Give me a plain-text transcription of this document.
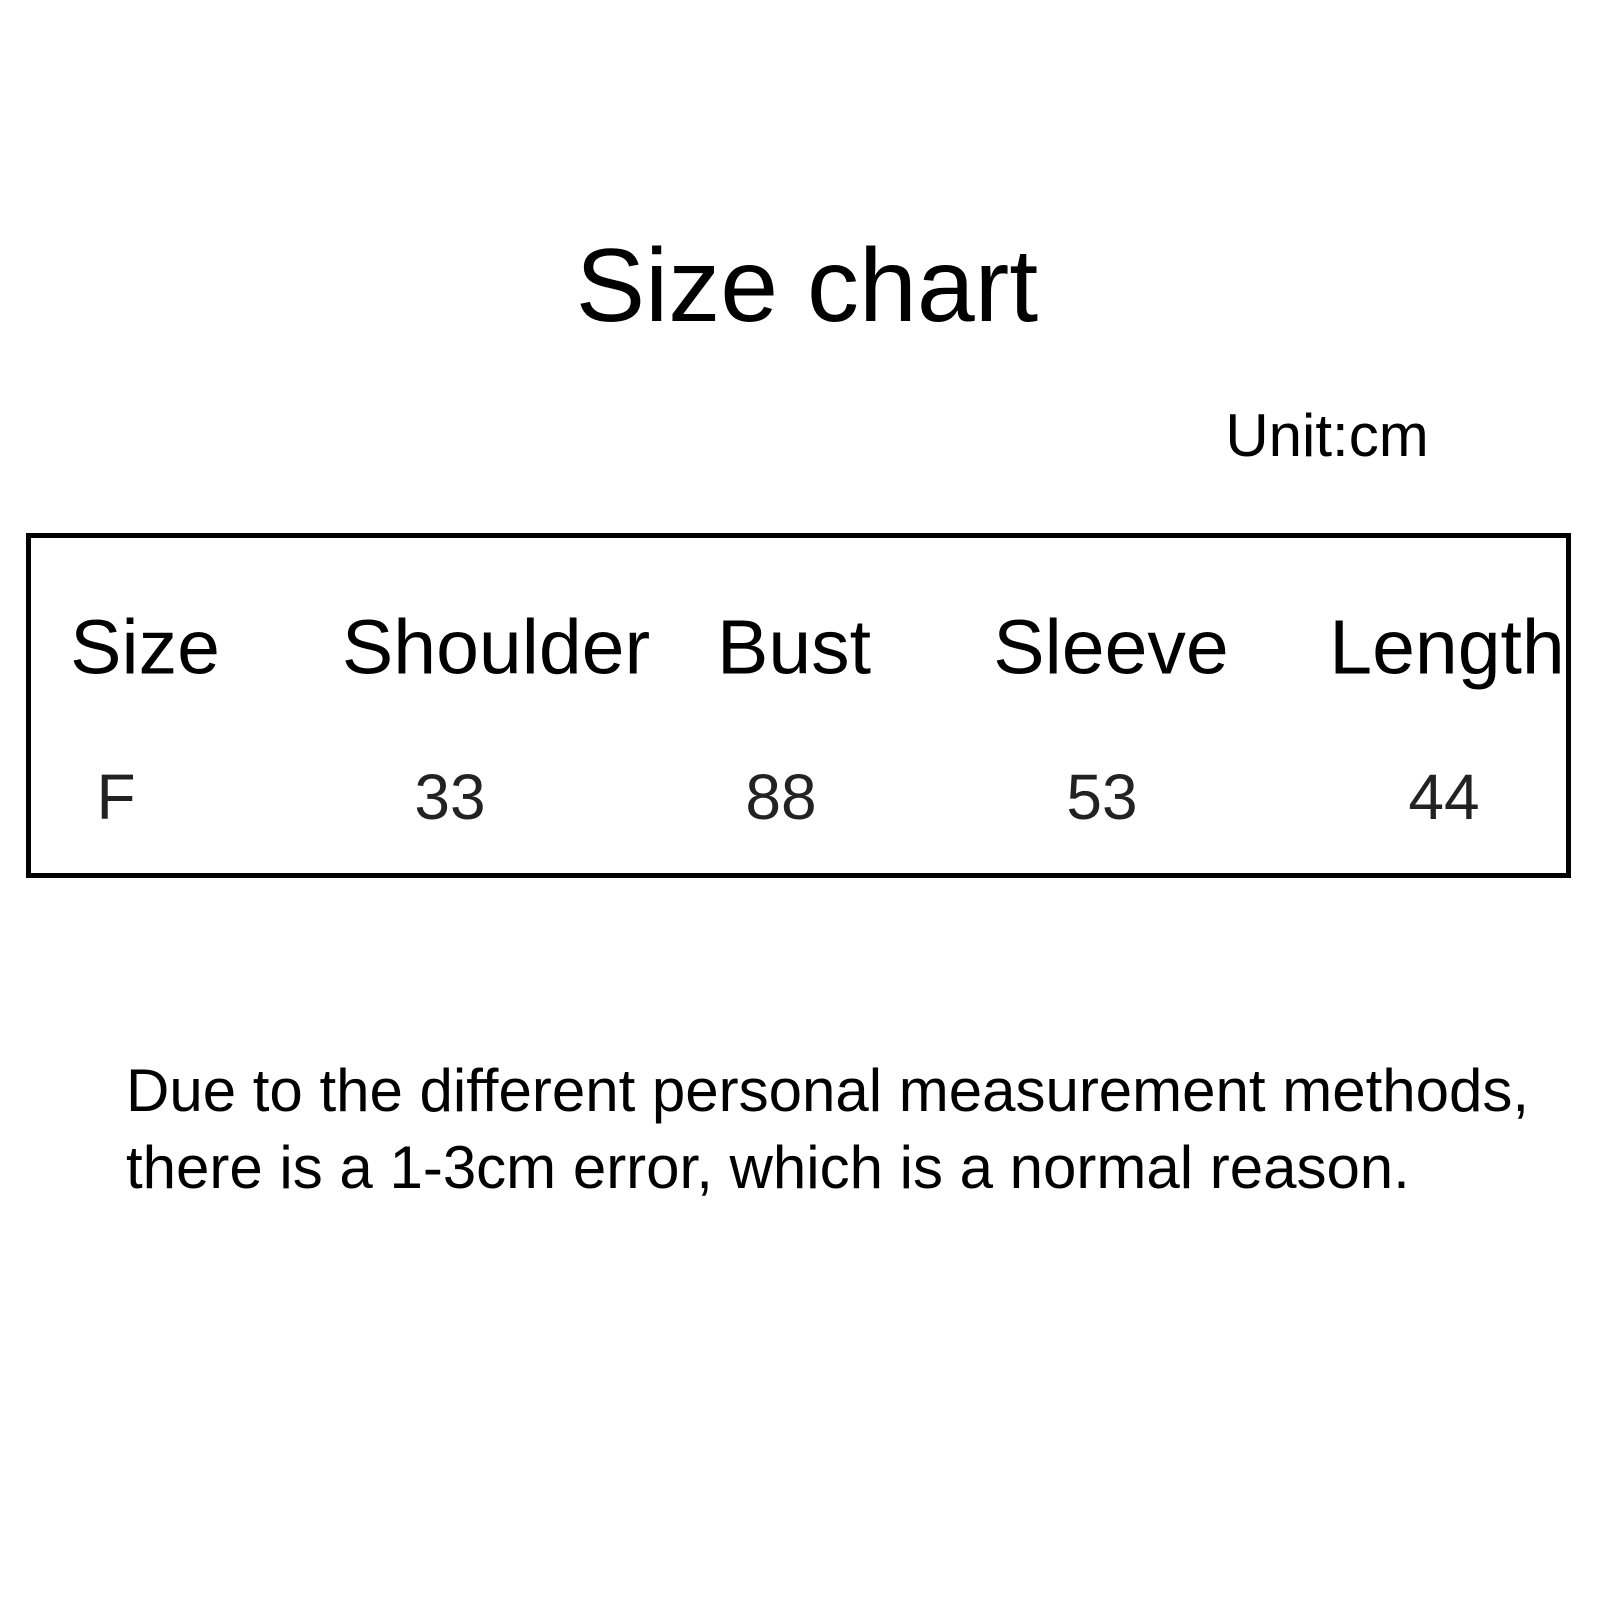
Size chart
Unit:cm
Size Shoulder Bust Sleeve Length
F	33	88	53	44
Due to the different personal measurement methods,
there is a 1-3cm error, which is a normal reason.
